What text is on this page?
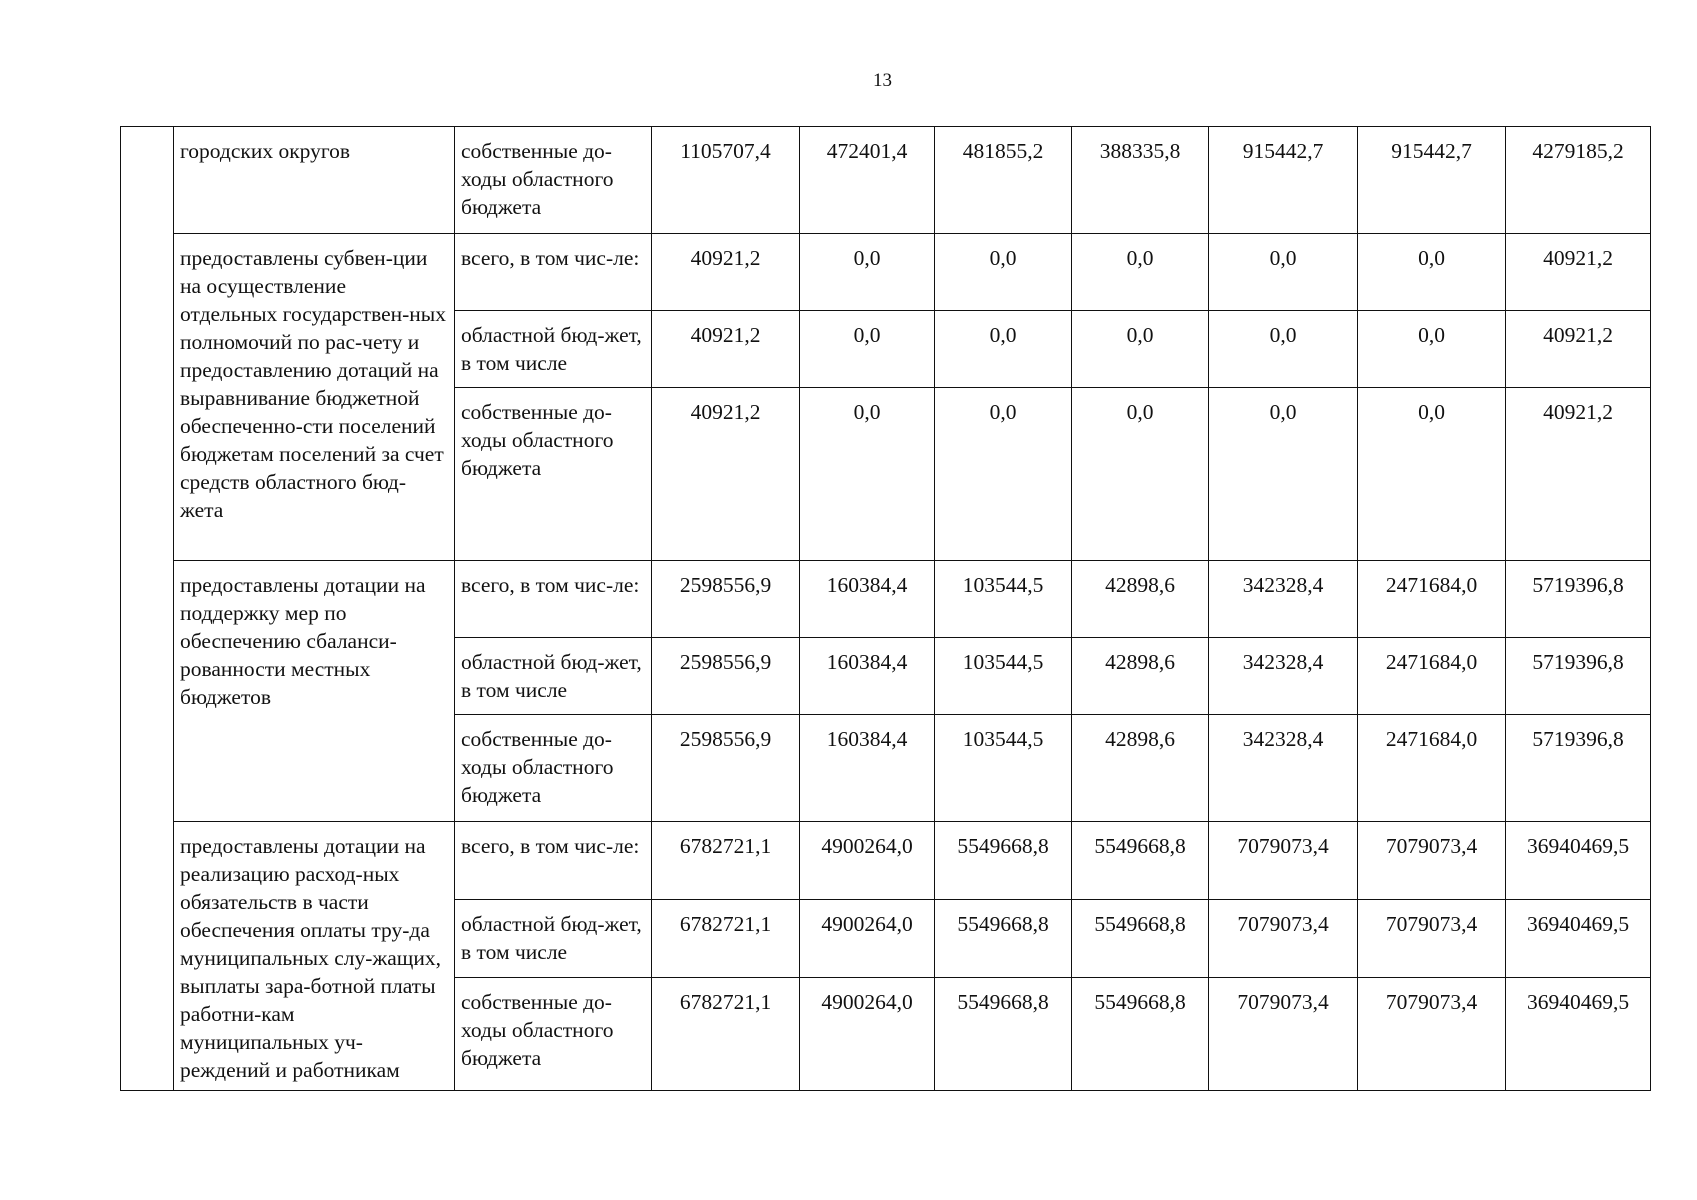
13
	городских округов	собственные до-ходы областного бюджета	1105707,4	472401,4	481855,2	388335,8	915442,7	915442,7	4279185,2
	предоставлены субвен-ции на осуществление отдельных государствен-ных полномочий по рас-чету и предоставлению дотаций на выравнивание бюджетной обеспеченно-сти поселений бюджетам поселений за счет средств областного бюд-жета	всего, в том чис-ле:	40921,2	0,0	0,0	0,0	0,0	0,0	40921,2
		областной бюд-жет, в том числе	40921,2	0,0	0,0	0,0	0,0	0,0	40921,2
		собственные до-ходы областного бюджета	40921,2	0,0	0,0	0,0	0,0	0,0	40921,2
	предоставлены дотации на поддержку мер по обеспечению сбаланси-рованности местных бюджетов	всего, в том чис-ле:	2598556,9	160384,4	103544,5	42898,6	342328,4	2471684,0	5719396,8
		областной бюд-жет, в том числе	2598556,9	160384,4	103544,5	42898,6	342328,4	2471684,0	5719396,8
		собственные до-ходы областного бюджета	2598556,9	160384,4	103544,5	42898,6	342328,4	2471684,0	5719396,8
	предоставлены дотации на реализацию расход-ных обязательств в части обеспечения оплаты тру-да муниципальных слу-жащих, выплаты зара-ботной платы работни-кам муниципальных уч-реждений и работникам	всего, в том чис-ле:	6782721,1	4900264,0	5549668,8	5549668,8	7079073,4	7079073,4	36940469,5
		областной бюд-жет, в том числе	6782721,1	4900264,0	5549668,8	5549668,8	7079073,4	7079073,4	36940469,5
		собственные до-ходы областного бюджета	6782721,1	4900264,0	5549668,8	5549668,8	7079073,4	7079073,4	36940469,5
